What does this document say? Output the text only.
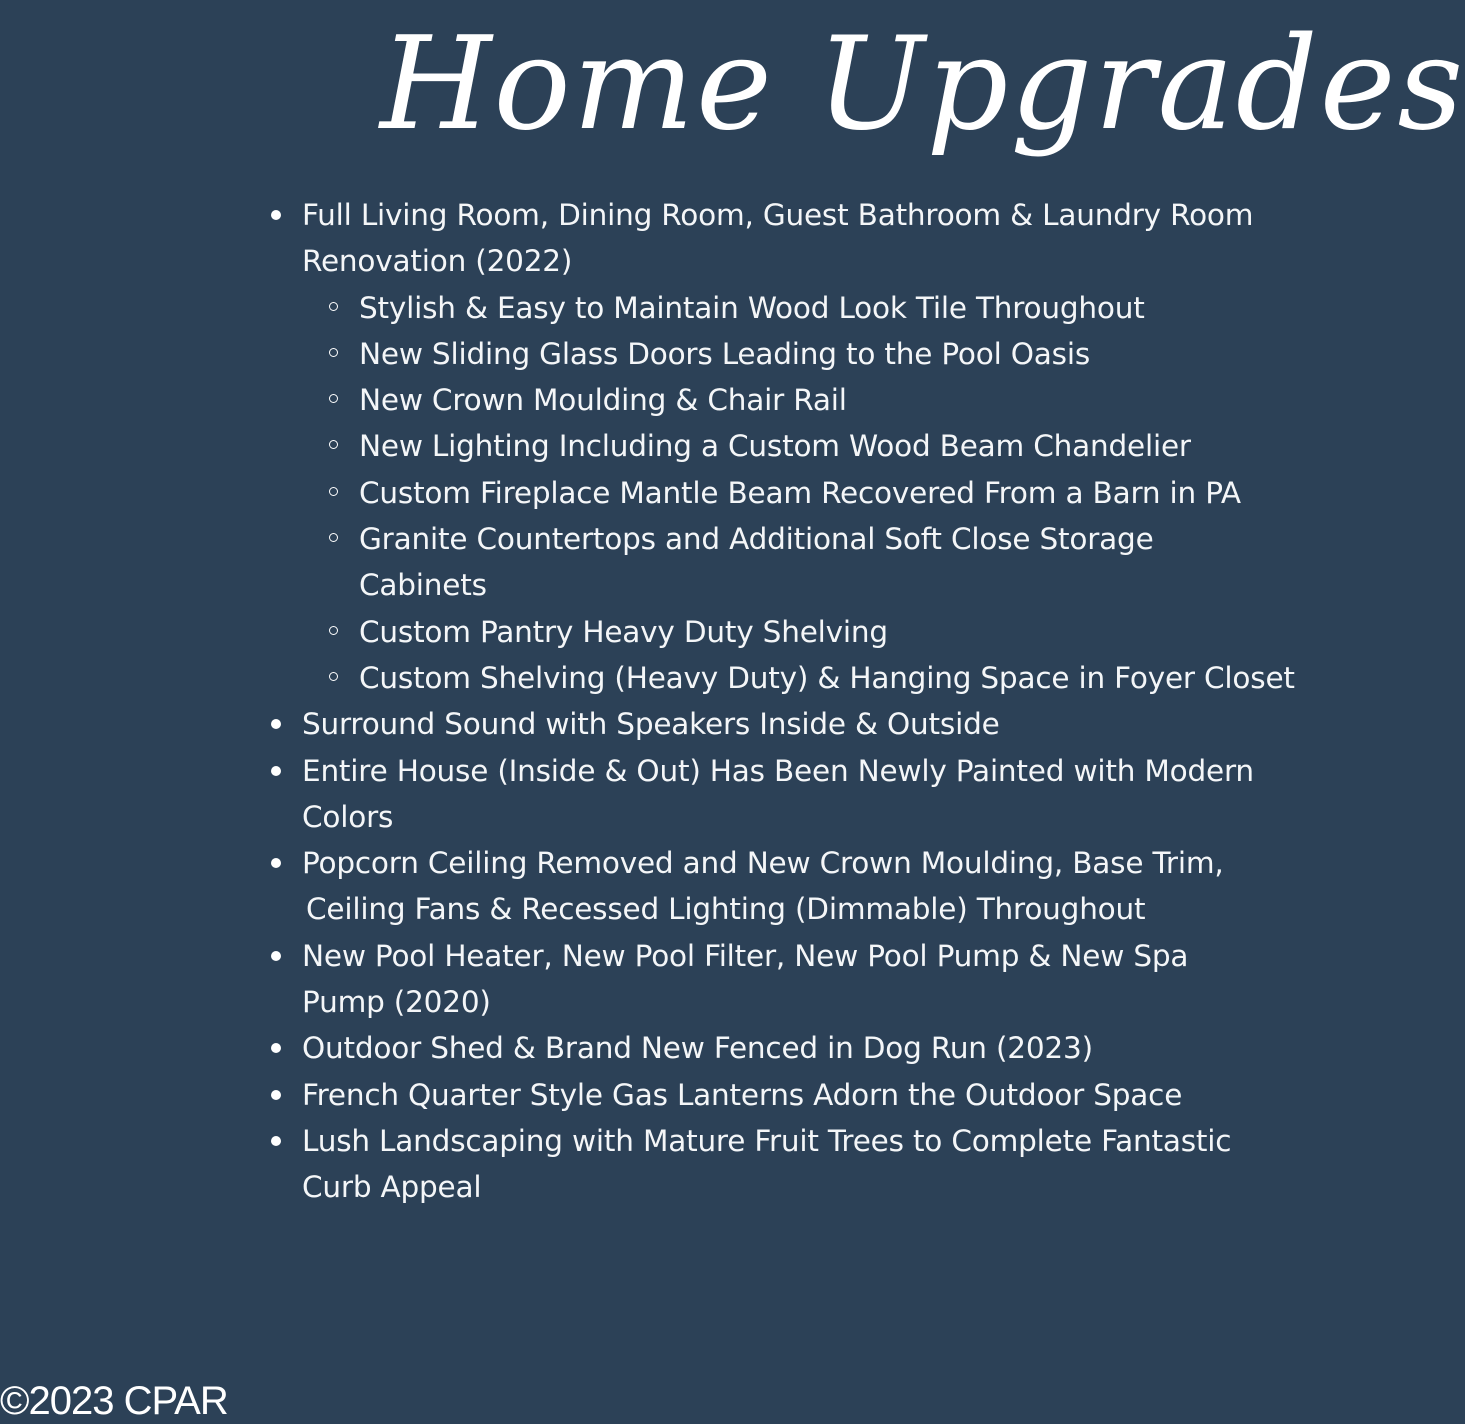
Home Upgrades
Full Living Room, Dining Room, Guest Bathroom & Laundry Room
Renovation (2022)
Stylish & Easy to Maintain Wood Look Tile Throughout
New Sliding Glass Doors Leading to the Pool Oasis
New Crown Moulding & Chair Rail
New Lighting Including a Custom Wood Beam Chandelier
Custom Fireplace Mantle Beam Recovered From a Barn in PA
Granite Countertops and Additional Soft Close Storage
Cabinets
Custom Pantry Heavy Duty Shelving
Custom Shelving (Heavy Duty) & Hanging Space in Foyer Closet
Surround Sound with Speakers Inside & Outside
Entire House (Inside & Out) Has Been Newly Painted with Modern
Colors
Popcorn Ceiling Removed and New Crown Moulding, Base Trim,
Ceiling Fans & Recessed Lighting (Dimmable) Throughout
New Pool Heater, New Pool Filter, New Pool Pump & New Spa
Pump (2020)
Outdoor Shed & Brand New Fenced in Dog Run (2023)
French Quarter Style Gas Lanterns Adorn the Outdoor Space
Lush Landscaping with Mature Fruit Trees to Complete Fantastic
Curb Appeal
©2023 CPAR
